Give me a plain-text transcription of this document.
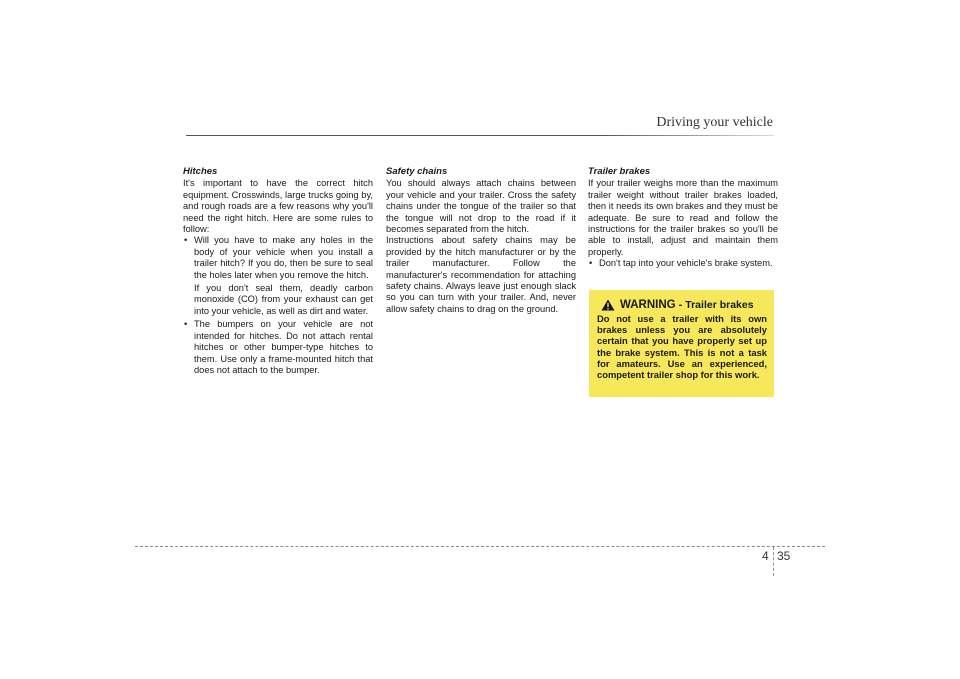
Driving your vehicle

Hitches

It's important to have the correct hitch equipment. Crosswinds, large trucks going by, and rough roads are a few reasons why you'll need the right hitch. Here are some rules to follow:

• Will you have to make any holes in the body of your vehicle when you install a trailer hitch? If you do, then be sure to seal the holes later when you remove the hitch.

If you don't seal them, deadly carbon monoxide (CO) from your exhaust can get into your vehicle, as well as dirt and water.

• The bumpers on your vehicle are not intended for hitches. Do not attach rental hitches or other bumper-type hitches to them. Use only a frame-mounted hitch that does not attach to the bumper.

Safety chains

You should always attach chains between your vehicle and your trailer. Cross the safety chains under the tongue of the trailer so that the tongue will not drop to the road if it becomes separated from the hitch.

Instructions about safety chains may be provided by the hitch manufacturer or by the trailer manufacturer. Follow the manufacturer's recommendation for attaching safety chains. Always leave just enough slack so you can turn with your trailer. And, never allow safety chains to drag on the ground.

Trailer brakes

If your trailer weighs more than the maximum trailer weight without trailer brakes loaded, then it needs its own brakes and they must be adequate. Be sure to read and follow the instructions for the trailer brakes so you'll be able to install, adjust and maintain them properly.

• Don't tap into your vehicle's brake system.
WARNING - Trailer brakes

Do not use a trailer with its own brakes unless you are absolutely certain that you have properly set up the brake system. This is not a task for amateurs. Use an experienced, competent trailer shop for this work.

4 35
